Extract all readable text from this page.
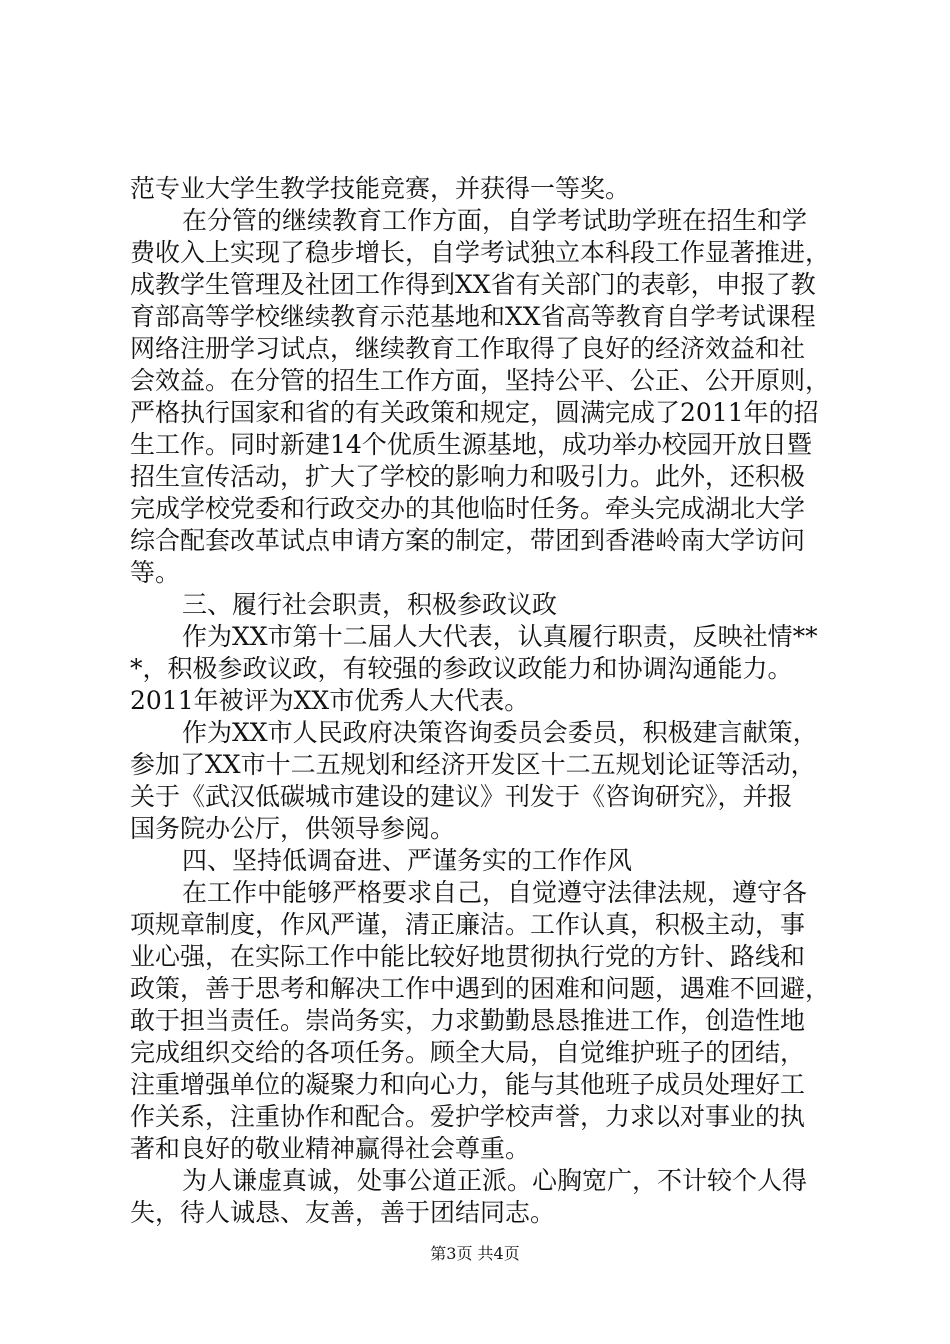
范专业大学生教学技能竞赛，并获得一等奖。
在分管的继续教育工作方面，自学考试助学班在招生和学
费收入上实现了稳步增长，自学考试独立本科段工作显著推进，
成教学生管理及社团工作得到XX省有关部门的表彰，申报了教
育部高等学校继续教育示范基地和XX省高等教育自学考试课程
网络注册学习试点，继续教育工作取得了良好的经济效益和社
会效益。在分管的招生工作方面，坚持公平、公正、公开原则，
严格执行国家和省的有关政策和规定，圆满完成了2011年的招
生工作。同时新建14个优质生源基地，成功举办校园开放日暨
招生宣传活动，扩大了学校的影响力和吸引力。此外，还积极
完成学校党委和行政交办的其他临时任务。牵头完成湖北大学
综合配套改革试点申请方案的制定，带团到香港岭南大学访问
等。
三、履行社会职责，积极参政议政
作为XX市第十二届人大代表，认真履行职责，反映社情**
*，积极参政议政，有较强的参政议政能力和协调沟通能力。
2011年被评为XX市优秀人大代表。
作为XX市人民政府决策咨询委员会委员，积极建言献策，
参加了XX市十二五规划和经济开发区十二五规划论证等活动，
关于《武汉低碳城市建设的建议》刊发于《咨询研究》，并报
国务院办公厅，供领导参阅。
四、坚持低调奋进、严谨务实的工作作风
在工作中能够严格要求自己，自觉遵守法律法规，遵守各
项规章制度，作风严谨，清正廉洁。工作认真，积极主动，事
业心强，在实际工作中能比较好地贯彻执行党的方针、路线和
政策，善于思考和解决工作中遇到的困难和问题，遇难不回避，
敢于担当责任。崇尚务实，力求勤勤恳恳推进工作，创造性地
完成组织交给的各项任务。顾全大局，自觉维护班子的团结，
注重增强单位的凝聚力和向心力，能与其他班子成员处理好工
作关系，注重协作和配合。爱护学校声誉，力求以对事业的执
著和良好的敬业精神赢得社会尊重。
为人谦虚真诚，处事公道正派。心胸宽广，不计较个人得
失，待人诚恳、友善，善于团结同志。
第3页 共4页
